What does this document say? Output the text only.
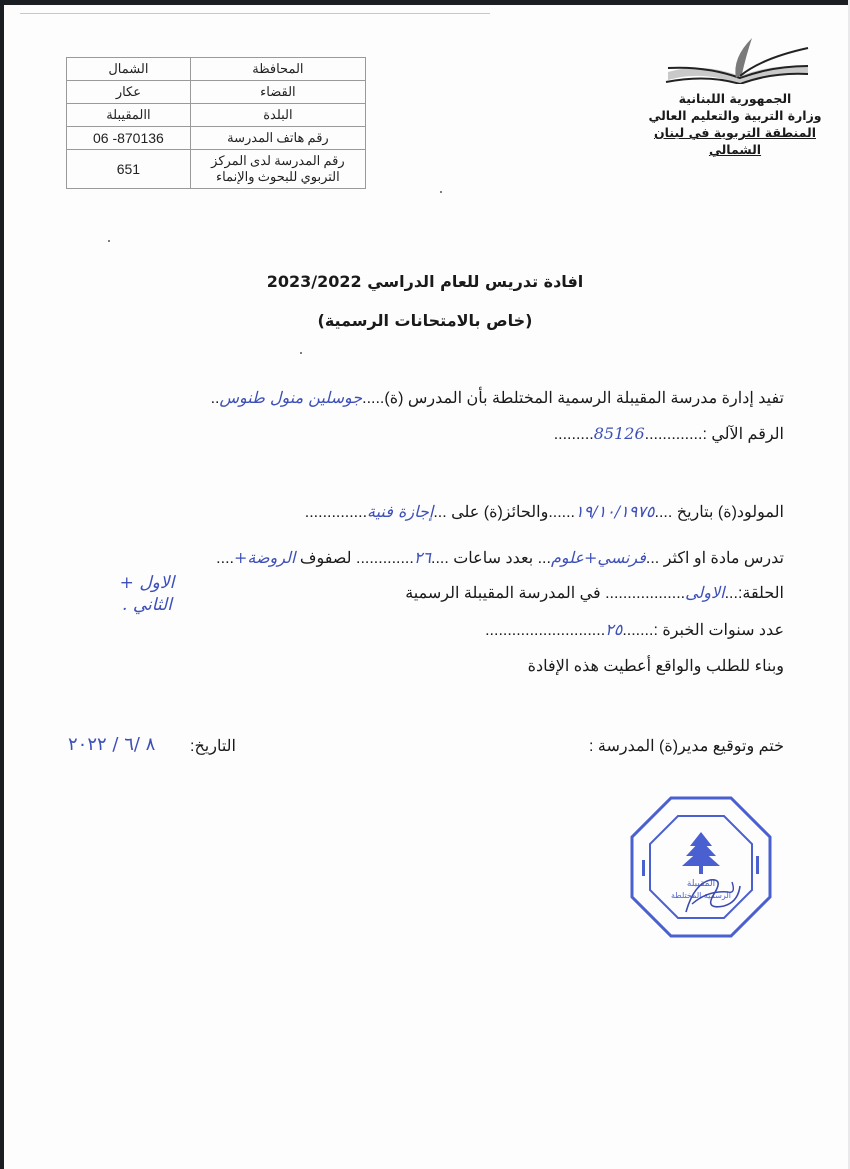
الجمهورية اللبنانية
وزارة التربية والتعليم العالي
المنطقة التربوية في لبنان الشمالي
المحافظة	الشمال
القضاء	عكار
البلدة	االمقيبلة
رقم هاتف المدرسة	06 -870136

رقم المدرسة لدى المركز
التربوي للبحوث والإنماء	651
افادة تدريس للعام الدراسي 2023/2022
(خاص بالامتحانات الرسمية)
تفيد إدارة مدرسة المقيبلة الرسمية المختلطة بأن المدرس (ة).....جوسلين منول طنوس..
الرقم الآلي :.............85126.........
المولود(ة) بتاريخ ....١٩/١٠/١٩٧٥......والحائز(ة) على ...إجازة فنية..............
تدرس مادة او اكثر ...فرنسي+علوم... بعدد ساعات ....٢٦............. لصفوف الروضة+....
الاول +
الثاني .
الحلقة:...الاولى.................. في المدرسة المقيبلة الرسمية
عدد سنوات الخبرة :.......٢٥...........................
وبناء للطلب والواقع أعطيت هذه الإفادة
ختم وتوقيع مدير(ة) المدرسة :
التاريخ:
٨ /٦ / ٢٠٢٢
المقيبلة
الرسمية المختلطة
